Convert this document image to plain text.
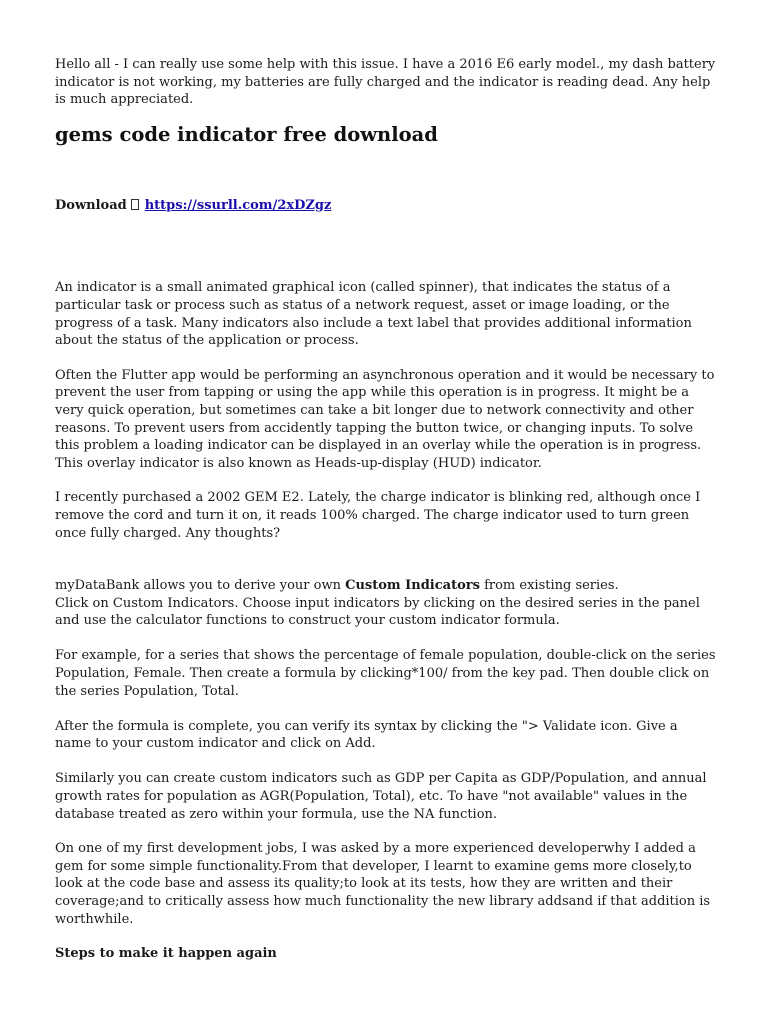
Hello all - I can really use some help with this issue. I have a 2016 E6 early model., my dash battery indicator is not working, my batteries are fully charged and the indicator is reading dead. Any help is much appreciated.

gems code indicator free download

Download https://ssurll.com/2xDZgz

An indicator is a small animated graphical icon (called spinner), that indicates the status of a particular task or process such as status of a network request, asset or image loading, or the progress of a task. Many indicators also include a text label that provides additional information about the status of the application or process.

Often the Flutter app would be performing an asynchronous operation and it would be necessary to prevent the user from tapping or using the app while this operation is in progress. It might be a very quick operation, but sometimes can take a bit longer due to network connectivity and other reasons. To prevent users from accidently tapping the button twice, or changing inputs. To solve this problem a loading indicator can be displayed in an overlay while the operation is in progress. This overlay indicator is also known as Heads-up-display (HUD) indicator.

I recently purchased a 2002 GEM E2. Lately, the charge indicator is blinking red, although once I remove the cord and turn it on, it reads 100% charged. The charge indicator used to turn green once fully charged. Any thoughts?

myDataBank allows you to derive your own Custom Indicators from existing series.
Click on Custom Indicators. Choose input indicators by clicking on the desired series in the panel and use the calculator functions to construct your custom indicator formula.

For example, for a series that shows the percentage of female population, double-click on the series Population, Female. Then create a formula by clicking*100/ from the key pad. Then double click on the series Population, Total.

After the formula is complete, you can verify its syntax by clicking the "> Validate icon. Give a name to your custom indicator and click on Add.

Similarly you can create custom indicators such as GDP per Capita as GDP/Population, and annual growth rates for population as AGR(Population, Total), etc. To have "not available" values in the database treated as zero within your formula, use the NA function.

On one of my first development jobs, I was asked by a more experienced developerwhy I added a gem for some simple functionality.From that developer, I learnt to examine gems more closely,to look at the code base and assess its quality;to look at its tests, how they are written and their coverage;and to critically assess how much functionality the new library addsand if that addition is worthwhile.

Steps to make it happen again
